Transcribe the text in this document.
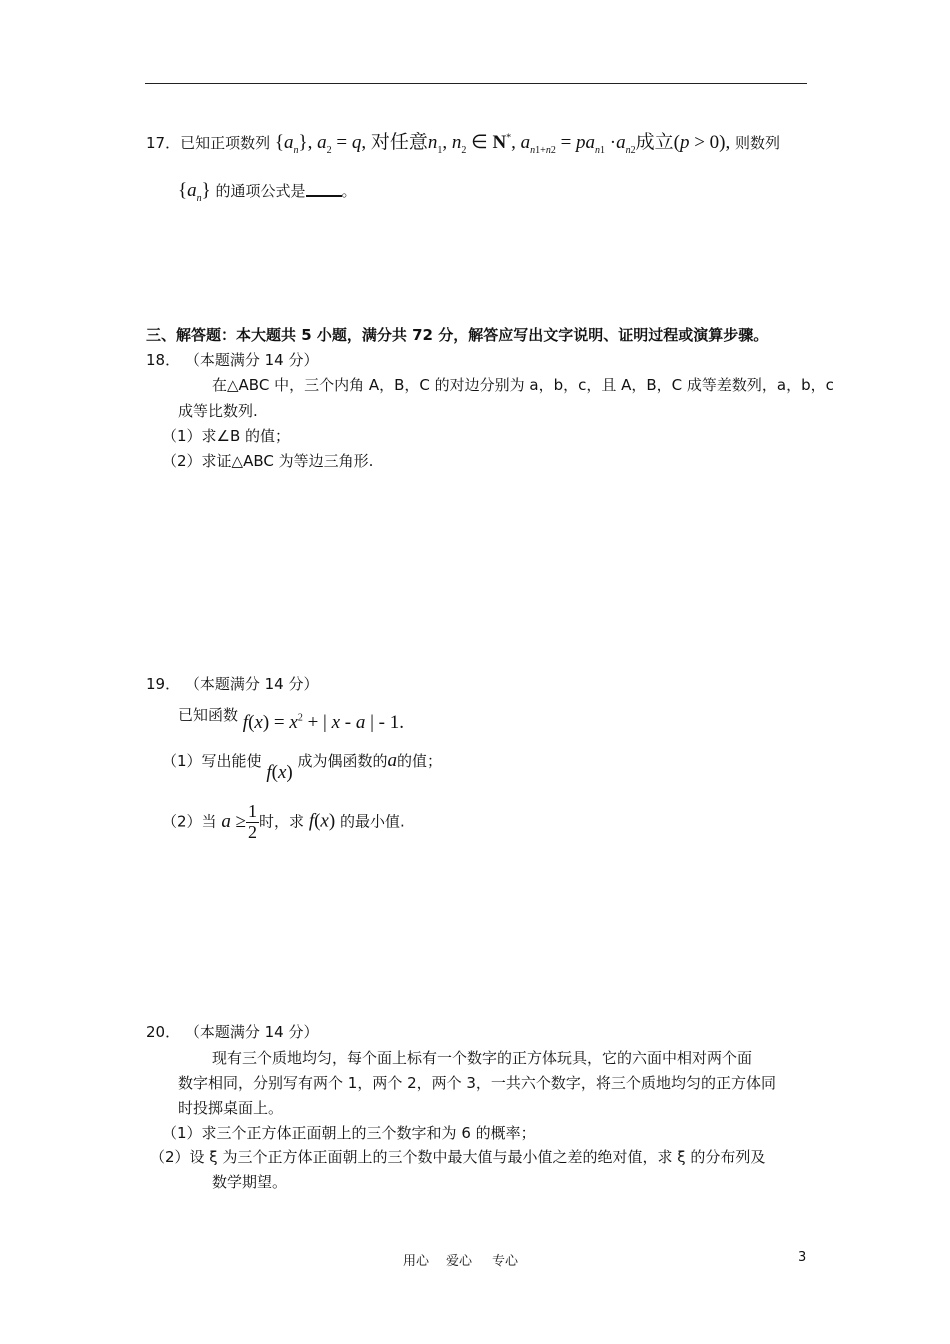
17．已知正项数列 $\{a_n\}$, $a_2 = q$, 对任意$n_1$, $n_2$ ∈ N*, $a_{n1+n2} = pa_{n1} \cdot a_{n2}$成立(p > 0), 则数列
$\{a_n\}$ 的通项公式是 。
三、解答题：本大题共 5 小题，满分共 72 分，解答应写出文字说明、证明过程或演算步骤。
18． （本题满分 14 分）
在△ABC 中，三个内角 A，B，C 的对边分别为 a，b，c，且 A，B，C 成等差数列，a，b，c
成等比数列.
（1）求∠B 的值；
（2）求证△ABC 为等边三角形.
19． （本题满分 14 分）
已知函数 $f(x) = x^2$ + | x - a | - 1.
（1）写出能使 f(x) 成为偶函数的a的值；
（2）当 $a \ge \frac{1}{2}$ 时，求 f(x) 的最小值.
20． （本题满分 14 分）
现有三个质地均匀，每个面上标有一个数字的正方体玩具，它的六面中相对两个面
数字相同，分别写有两个 1，两个 2，两个 3，一共六个数字，将三个质地均匀的正方体同
时投掷桌面上。
（1）求三个正方体正面朝上的三个数字和为 6 的概率；
（2）设 ξ 为三个正方体正面朝上的三个数中最大值与最小值之差的绝对值，求 ξ 的分布列及
数学期望。
用心 爱心 专心	3
